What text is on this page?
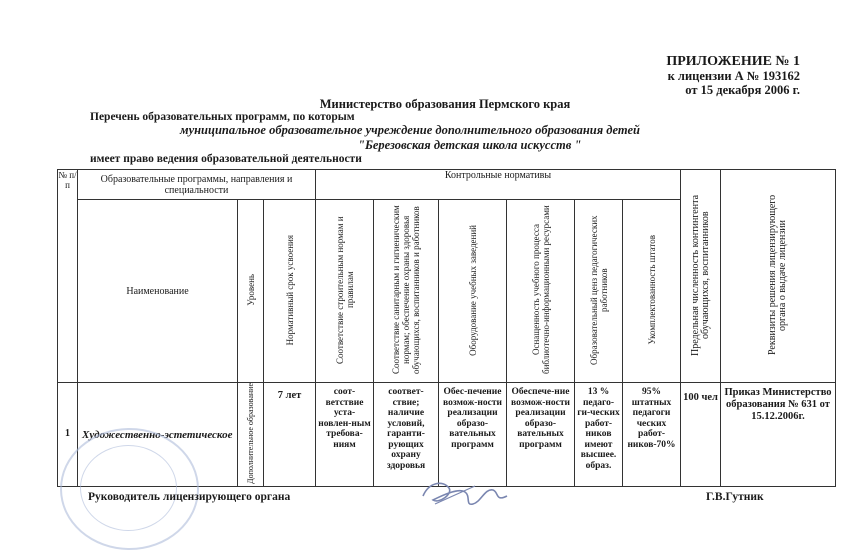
ПРИЛОЖЕНИЕ № 1
к лицензии А № 193162
от 15 декабря 2006 г.
Министерство образования Пермского края
Перечень образовательных программ, по которым
муниципальное образовательное учреждение дополнительного образования детей
"Березовская детская школа искусств "
имеет право ведения образовательной деятельности
№ п/п	Образовательные программы, направления и специальности			Контрольные нормативы						Предельная численность контингента обучающихся, воспитанников	Реквизиты решения лицензирующего органа о выдаче лицензии
	Наименование	Уровень	Нормативный срок усвоения	Соответствие строительным нормам и правилам	Соответствие санитарным и гигиеническим нормам; обеспечение охраны здоровья обучающихся, воспитанников и работников	Оборудование учебных заведений	Оснащенность учебного процесса библиотечно-информационными ресурсами	Образовательный ценз педагогических работников	Укомплектованность штатов		
1	Художественно-эстетическое	Дополнительное образование	7 лет	соот-ветствие уста-новлен-ным требова-ниям	соответ-ствие; наличие условий, гаранти-рующих охрану здоровья	Обес-печение возмож-ности реализации образо-вательных программ	Обеспече-ние возмож-ности реализации образо-вательных программ	13 % педаго-ги-ческих работ-ников имеют высшее. образ.	95% штатных педагоги ческих работ-ников-70%	100 чел	Приказ Министерство образования № 631 от 15.12.2006г.
Руководитель лицензирующего органа	Г.В.Гутник
